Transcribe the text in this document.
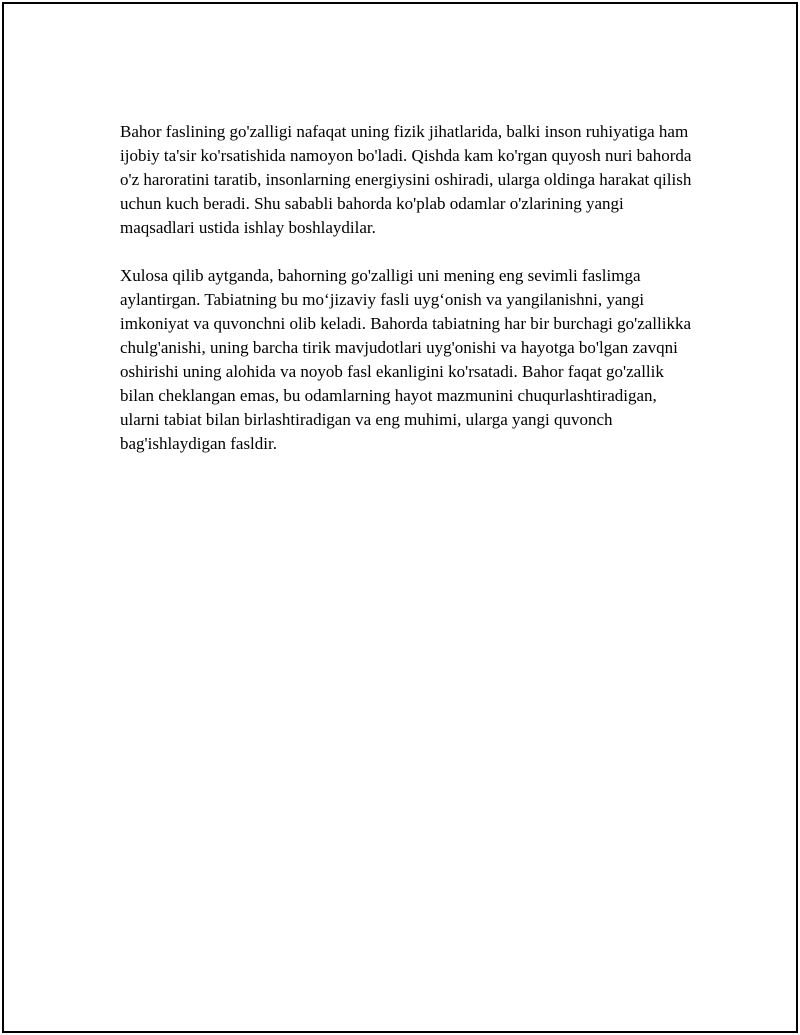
Bahor faslining go'zalligi nafaqat uning fizik jihatlarida, balki inson ruhiyatiga ham ijobiy ta'sir ko'rsatishida namoyon bo'ladi. Qishda kam ko'rgan quyosh nuri bahorda o'z haroratini taratib, insonlarning energiysini oshiradi, ularga oldinga harakat qilish uchun kuch beradi. Shu sababli bahorda ko'plab odamlar o'zlarining yangi maqsadlari ustida ishlay boshlaydilar.

Xulosa qilib aytganda, bahorning go'zalligi uni mening eng sevimli faslimga aylantirgan. Tabiatning bu mo‘jizaviy fasli uyg‘onish va yangilanishni, yangi imkoniyat va quvonchni olib keladi. Bahorda tabiatning har bir burchagi go'zallikka chulg'anishi, uning barcha tirik mavjudotlari uyg'onishi va hayotga bo'lgan zavqni oshirishi uning alohida va noyob fasl ekanligini ko'rsatadi. Bahor faqat go'zallik bilan cheklangan emas, bu odamlarning hayot mazmunini chuqurlashtiradigan, ularni tabiat bilan birlashtiradigan va eng muhimi, ularga yangi quvonch bag'ishlaydigan fasldir.
